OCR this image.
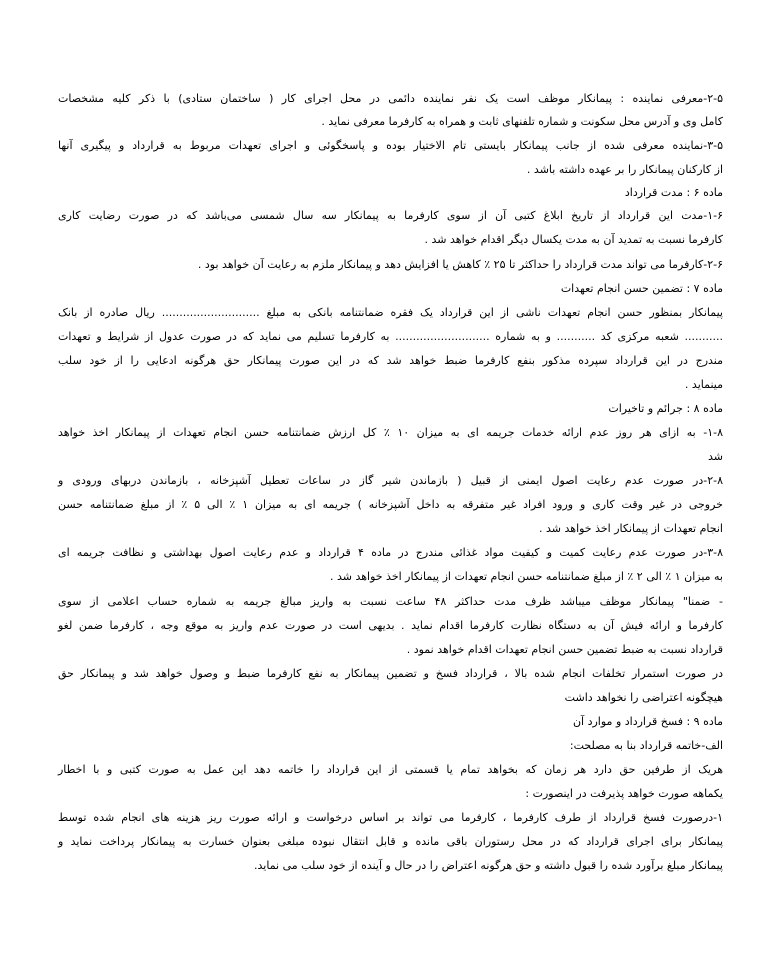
۲-۵-معرفی نماینده : پیمانکار موظف است یک نفر نماینده دائمی در محل اجرای کار ( ساختمان ستادی) با ذکر کلیه مشخصات
کامل وی و آدرس محل سکونت و شماره تلفنهای ثابت و همراه به کارفرما معرفی نماید .
۳-۵-نماینده معرفی شده از جانب پیمانکار بایستی تام الاختیار بوده و پاسخگوئی و اجرای تعهدات مربوط به قرارداد و پیگیری آنها
از کارکنان پیمانکار را بر عهده داشته باشد .
ماده ۶ : مدت قرارداد
۱-۶-مدت این قرارداد از تاریخ ابلاغ کتبی آن از سوی کارفرما به پیمانکار سه سال شمسی می‌باشد که در صورت رضایت کاری
کارفرما نسبت به تمدید آن به مدت یکسال دیگر اقدام خواهد شد .
۲-۶-کارفرما می تواند مدت قرارداد را حداکثر تا ۲۵ ٪ کاهش یا افزایش دهد و پیمانکار ملزم به رعایت آن خواهد بود .
ماده ۷ : تضمین حسن انجام تعهدات
پیمانکار بمنظور حسن انجام تعهدات ناشی از این قرارداد یک فقره ضمانتنامه بانکی به مبلغ ............................ ریال صادره از بانک
........... شعبه مرکزی کد ........... و به شماره ........................... به کارفرما تسلیم می نماید که در صورت عدول از شرایط و تعهدات
مندرج در این قرارداد سپرده مذکور بنفع کارفرما ضبط خواهد شد که در این صورت پیمانکار حق هرگونه ادعایی را از خود سلب
مینماید .
ماده ۸ : جرائم و تاخیرات
۱-۸- به ازای هر روز عدم ارائه خدمات جریمه ای به میزان ۱۰ ٪ کل ارزش ضمانتنامه حسن انجام تعهدات از پیمانکار اخذ خواهد
شد
۲-۸-در صورت عدم رعایت اصول ایمنی از قبیل ( بازماندن شیر گاز در ساعات تعطیل آشپزخانه ، بازماندن دربهای ورودی و
خروجی در غیر وقت کاری و ورود افراد غیر متفرقه به داخل آشپزخانه ) جریمه ای به میزان ۱ ٪ الی ۵ ٪ از مبلغ ضمانتنامه حسن
انجام تعهدات از پیمانکار اخذ خواهد شد .
۳-۸-در صورت عدم رعایت کمیت و کیفیت مواد غذائی مندرج در ماده ۴ قرارداد و عدم رعایت اصول بهداشتی و نظافت جریمه ای
به میزان ۱ ٪ الی ۲ ٪ از مبلغ ضمانتنامه حسن انجام تعهدات از پیمانکار اخذ خواهد شد .
- ضمنا" پیمانکار موظف میباشد ظرف مدت حداکثر ۴۸ ساعت نسبت به واریز مبالغ جریمه به شماره حساب اعلامی از سوی
کارفرما و ارائه فیش آن به دستگاه نظارت کارفرما اقدام نماید . بدیهی است در صورت عدم واریز به موقع وجه ، کارفرما ضمن لغو
قرارداد نسبت به ضبط تضمین حسن انجام تعهدات اقدام خواهد نمود .
در صورت استمرار تخلفات انجام شده بالا ، قرارداد فسخ و تضمین پیمانکار به نفع کارفرما ضبط و وصول خواهد شد و پیمانکار حق
هیچگونه اعتراضی را نخواهد داشت
ماده ۹ : فسخ قرارداد و موارد آن
الف-خاتمه قرارداد بنا به مصلحت:
هریک از طرفین حق دارد هر زمان که بخواهد تمام یا قسمتی از این قرارداد را خاتمه دهد این عمل به صورت کتبی و با اخطار
یکماهه صورت خواهد پذیرفت در اینصورت :
۱-درصورت فسخ قرارداد از طرف کارفرما ، کارفرما می تواند بر اساس درخواست و ارائه صورت ریز هزینه های انجام شده توسط
پیمانکار برای اجرای قرارداد که در محل رستوران باقی مانده و قابل انتقال نبوده مبلغی بعنوان خسارت به پیمانکار پرداخت نماید و
پیمانکار مبلغ برآورد شده را قبول داشته و حق هرگونه اعتراض را در حال و آینده از خود سلب می نماید.
